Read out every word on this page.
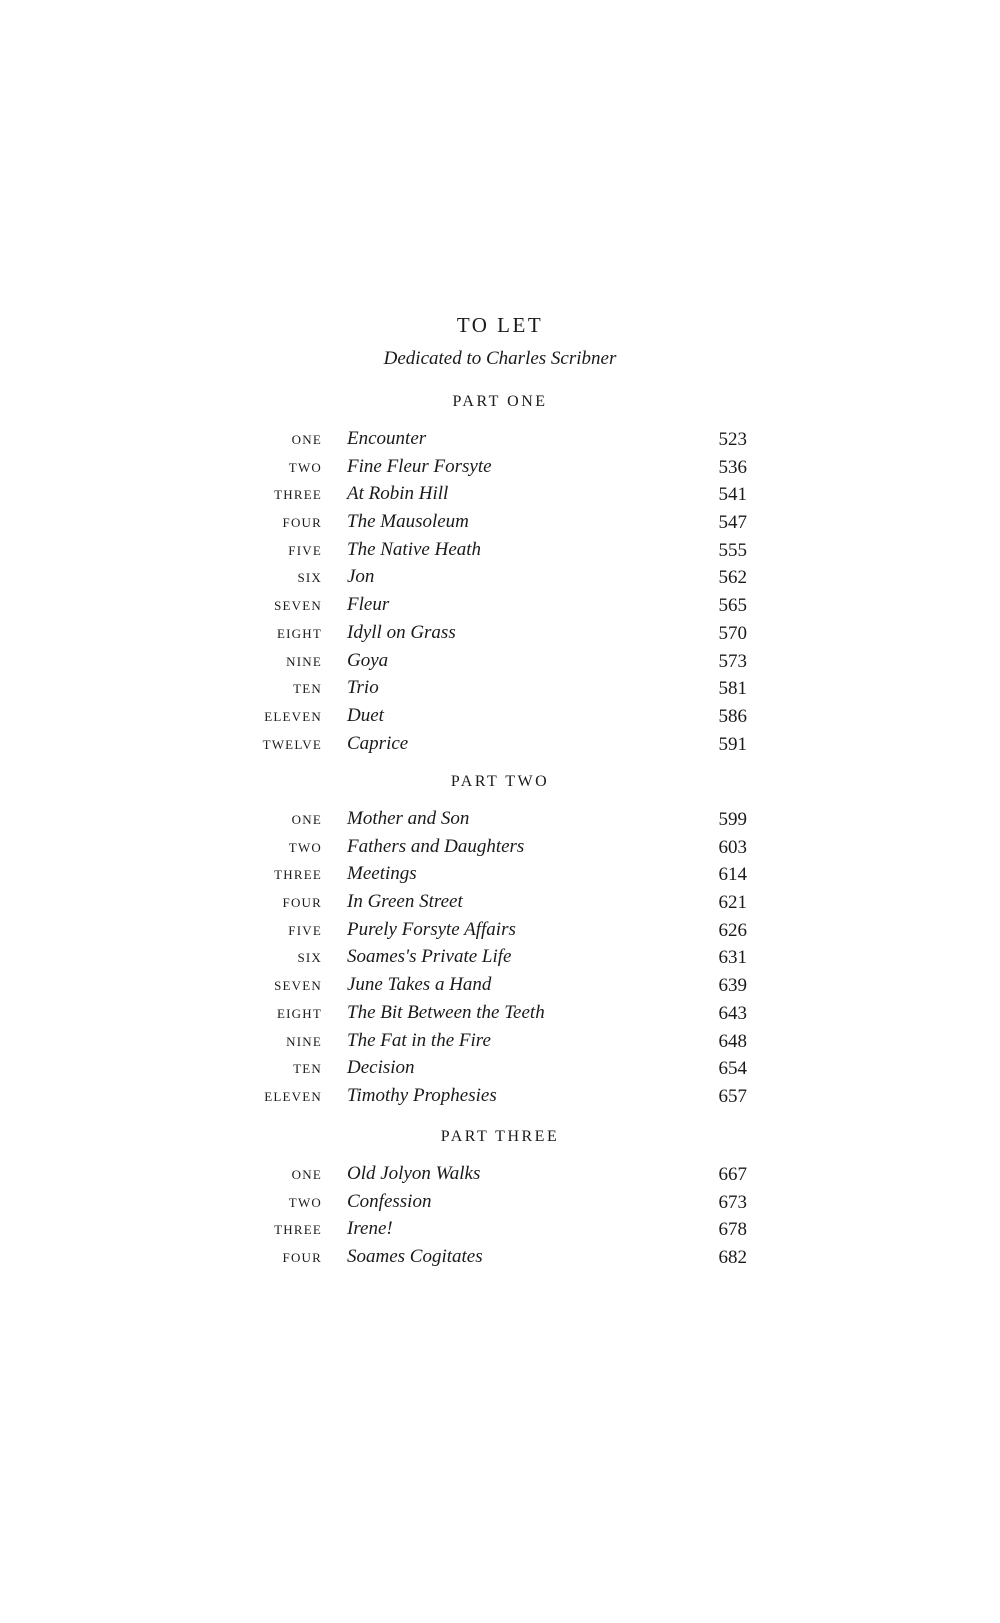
TO LET
Dedicated to Charles Scribner
PART ONE
ONE Encounter	523
TWO Fine Fleur Forsyte	536
THREE At Robin Hill	541
FOUR The Mausoleum	547
FIVE The Native Heath	555
SIX Jon	562
SEVEN Fleur	565
EIGHT Idyll on Grass	570
NINE Goya	573
TEN Trio	581
ELEVEN Duet	586
TWELVE Caprice	591
PART TWO
ONE Mother and Son	599
TWO Fathers and Daughters	603
THREE Meetings	614
FOUR In Green Street	621
FIVE Purely Forsyte Affairs	626
SIX Soames's Private Life	631
SEVEN June Takes a Hand	639
EIGHT The Bit Between the Teeth	643
NINE The Fat in the Fire	648
TEN Decision	654
ELEVEN Timothy Prophesies	657
PART THREE
ONE Old Jolyon Walks	667
TWO Confession	673
THREE Irene!	678
FOUR Soames Cogitates	682
